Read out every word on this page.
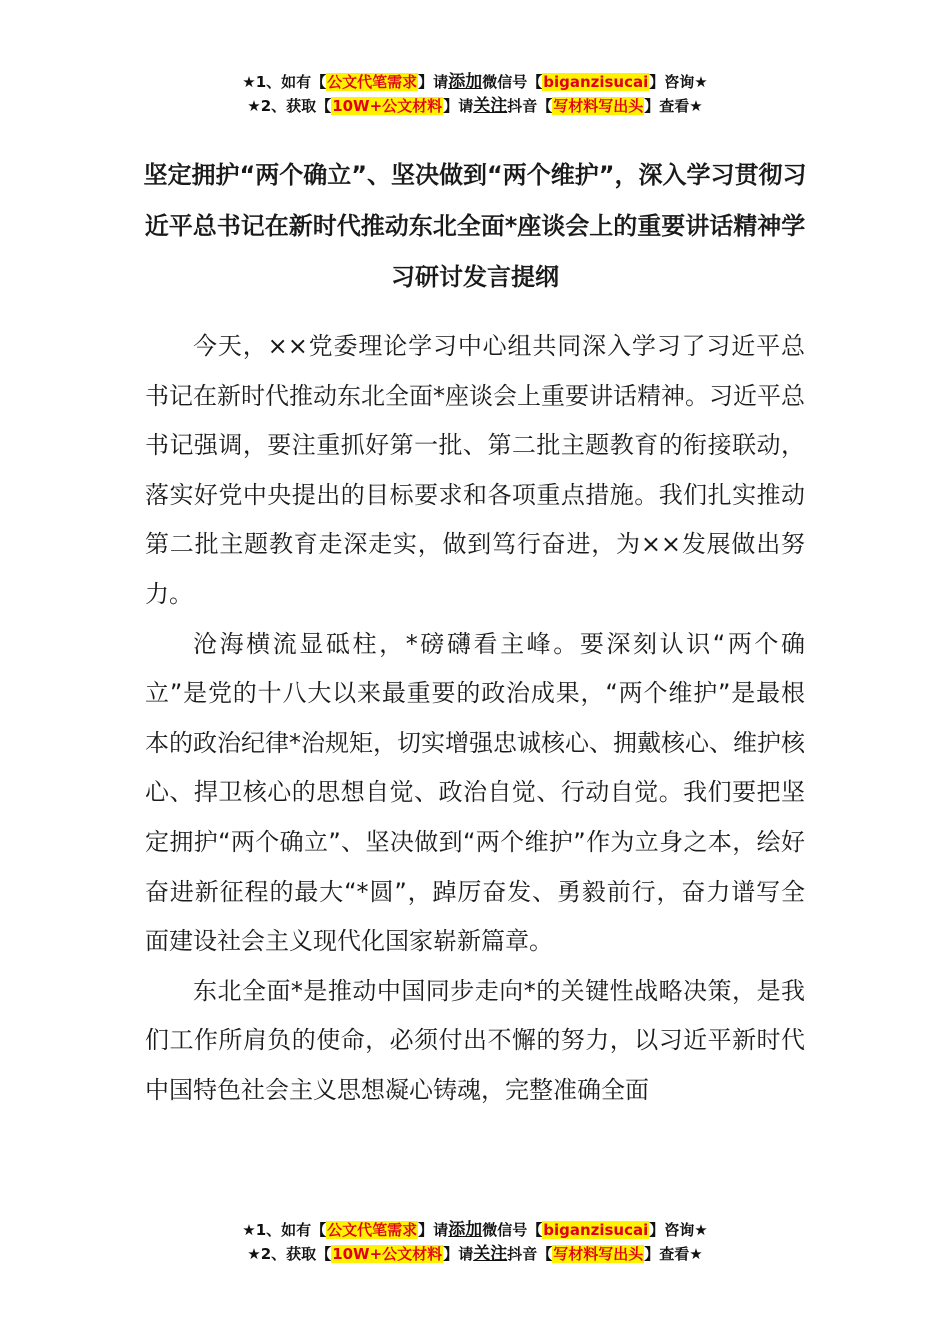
★1、如有【公文代笔需求】请添加微信号【biganzisucai】咨询★
★2、获取【10W+公文材料】请关注抖音【写材料写出头】查看★
坚定拥护“两个确立”、坚决做到“两个维护”，深入学习贯彻习近平总书记在新时代推动东北全面*座谈会上的重要讲话精神学习研讨发言提纲

今天，××党委理论学习中心组共同深入学习了习近平总书记在新时代推动东北全面*座谈会上重要讲话精神。习近平总书记强调，要注重抓好第一批、第二批主题教育的衔接联动，落实好党中央提出的目标要求和各项重点措施。我们扎实推动第二批主题教育走深走实，做到笃行奋进，为××发展做出努力。

沧海横流显砥柱，*磅礴看主峰。要深刻认识“两个确立”是党的十八大以来最重要的政治成果，“两个维护”是最根本的政治纪律*治规矩，切实增强忠诚核心、拥戴核心、维护核心、捍卫核心的思想自觉、政治自觉、行动自觉。我们要把坚定拥护“两个确立”、坚决做到“两个维护”作为立身之本，绘好奋进新征程的最大“*圆”，踔厉奋发、勇毅前行，奋力谱写全面建设社会主义现代化国家崭新篇章。

东北全面*是推动中国同步走向*的关键性战略决策，是我们工作所肩负的使命，必须付出不懈的努力，以习近平新时代中国特色社会主义思想凝心铸魂，完整准确全面

★1、如有【公文代笔需求】请添加微信号【biganzisucai】咨询★
★2、获取【10W+公文材料】请关注抖音【写材料写出头】查看★
